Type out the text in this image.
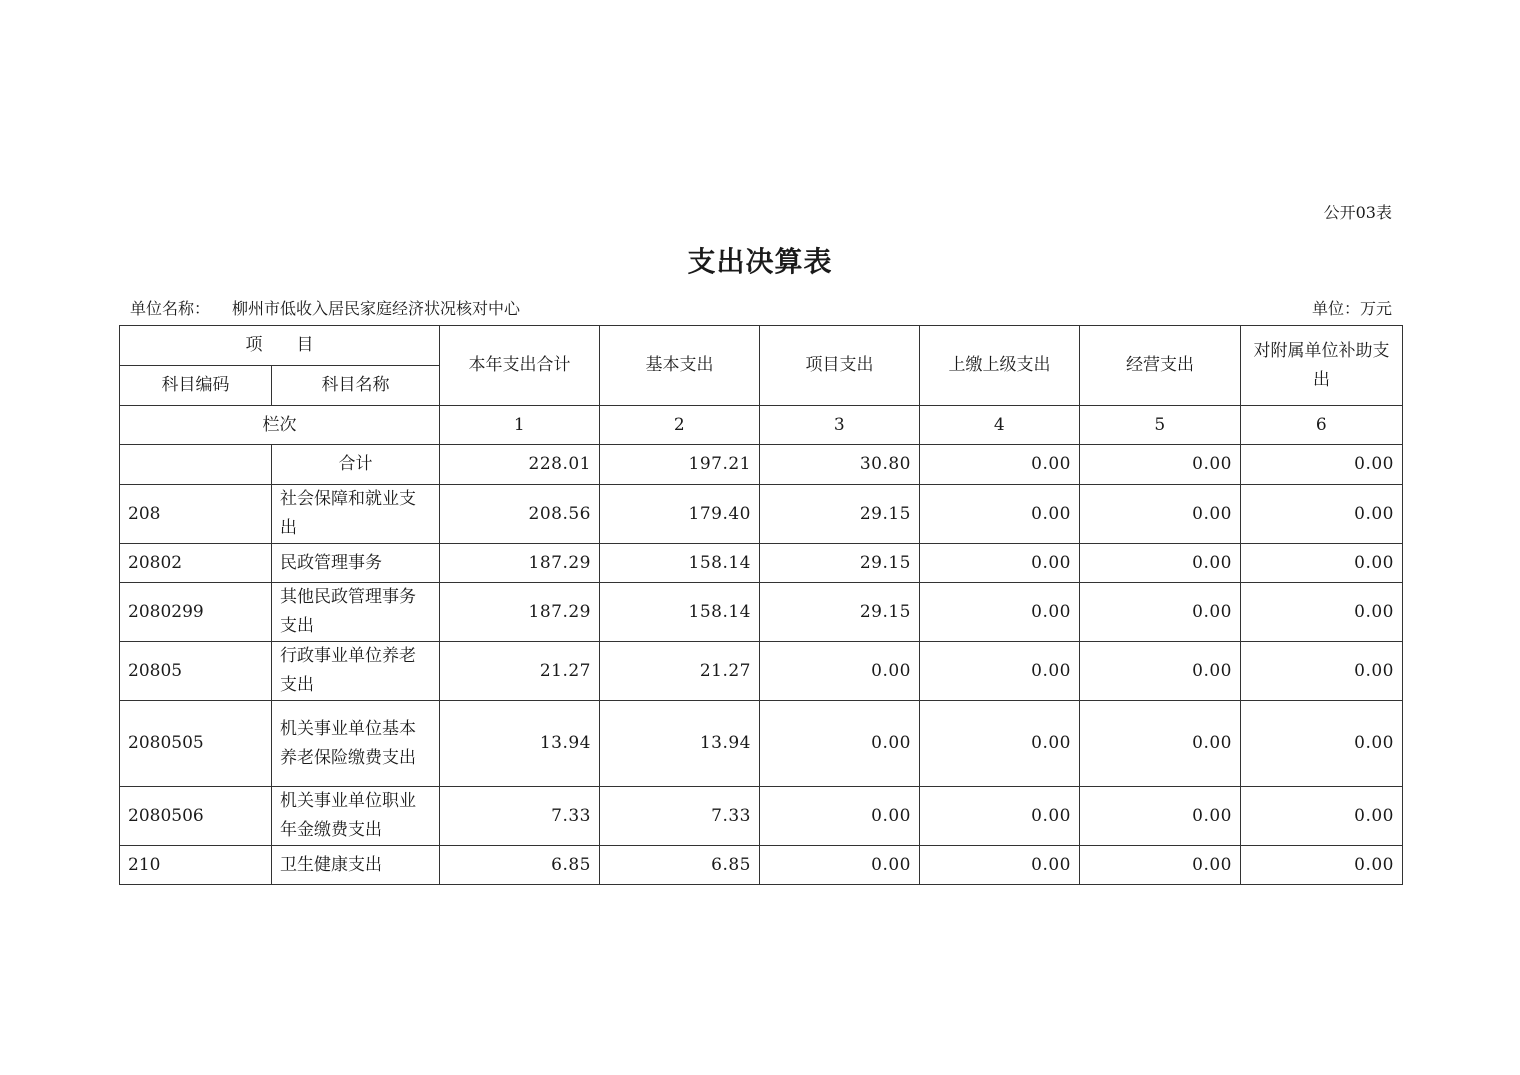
公开03表
支出决算表
单位名称： 柳州市低收入居民家庭经济状况核对中心	单位：万元
项　　目		本年支出合计	基本支出	项目支出	上缴上级支出	经营支出	对附属单位补助支出
科目编码	科目名称						
栏次		1	2	3	4	5	6
	合计	228.01	197.21	30.80	0.00	0.00	0.00
208	社会保障和就业支出	208.56	179.40	29.15	0.00	0.00	0.00
20802	民政管理事务	187.29	158.14	29.15	0.00	0.00	0.00
2080299	其他民政管理事务支出	187.29	158.14	29.15	0.00	0.00	0.00
20805	行政事业单位养老支出	21.27	21.27	0.00	0.00	0.00	0.00
2080505	机关事业单位基本养老保险缴费支出	13.94	13.94	0.00	0.00	0.00	0.00
2080506	机关事业单位职业年金缴费支出	7.33	7.33	0.00	0.00	0.00	0.00
210	卫生健康支出	6.85	6.85	0.00	0.00	0.00	0.00
